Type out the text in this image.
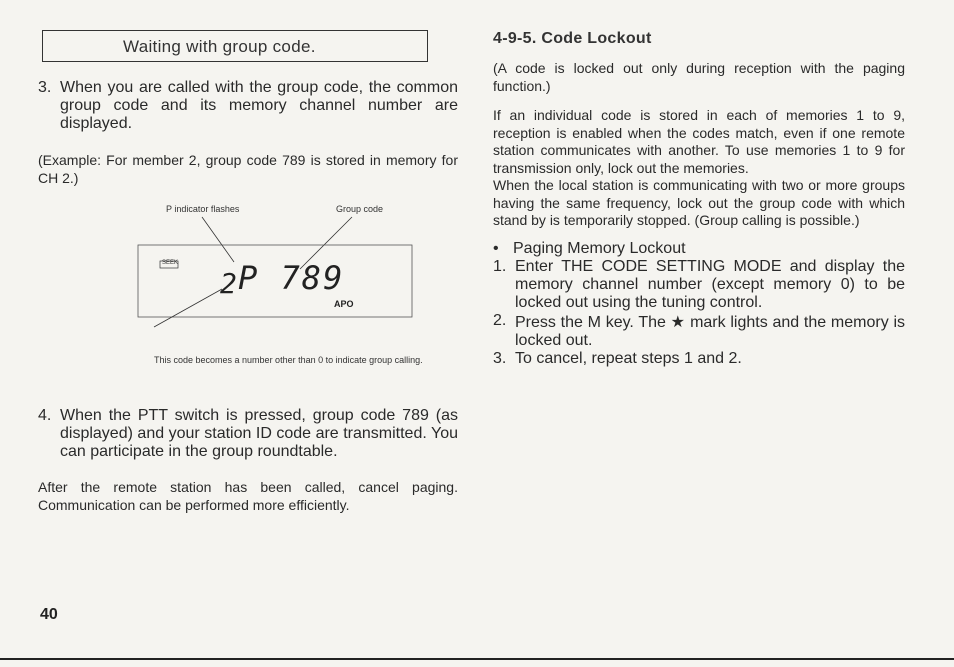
Waiting with group code.
3. When you are called with the group code, the common group code and its memory channel number are displayed.

(Example: For member 2, group code 789 is stored in memory for CH 2.)

P indicator flashes	Group code
SEEK
2 P 789
APO
This code becomes a number other than 0 to indicate group calling.
4. When the PTT switch is pressed, group code 789 (as displayed) and your station ID code are transmitted. You can participate in the group roundtable.

After the remote station has been called, cancel paging. Communication can be performed more efficiently.

4-9-5. Code Lockout

(A code is locked out only during reception with the paging function.)

If an individual code is stored in each of memories 1 to 9, reception is enabled when the codes match, even if one remote station communicates with another. To use memories 1 to 9 for transmission only, lock out the memories.

When the local station is communicating with two or more groups having the same frequency, lock out the group code with which stand by is temporarily stopped. (Group calling is possible.)

• Paging Memory Lockout
1. Enter THE CODE SETTING MODE and display the memory channel number (except memory 0) to be locked out using the tuning control.
2. Press the M key. The ★ mark lights and the memory is locked out.
3. To cancel, repeat steps 1 and 2.
40
